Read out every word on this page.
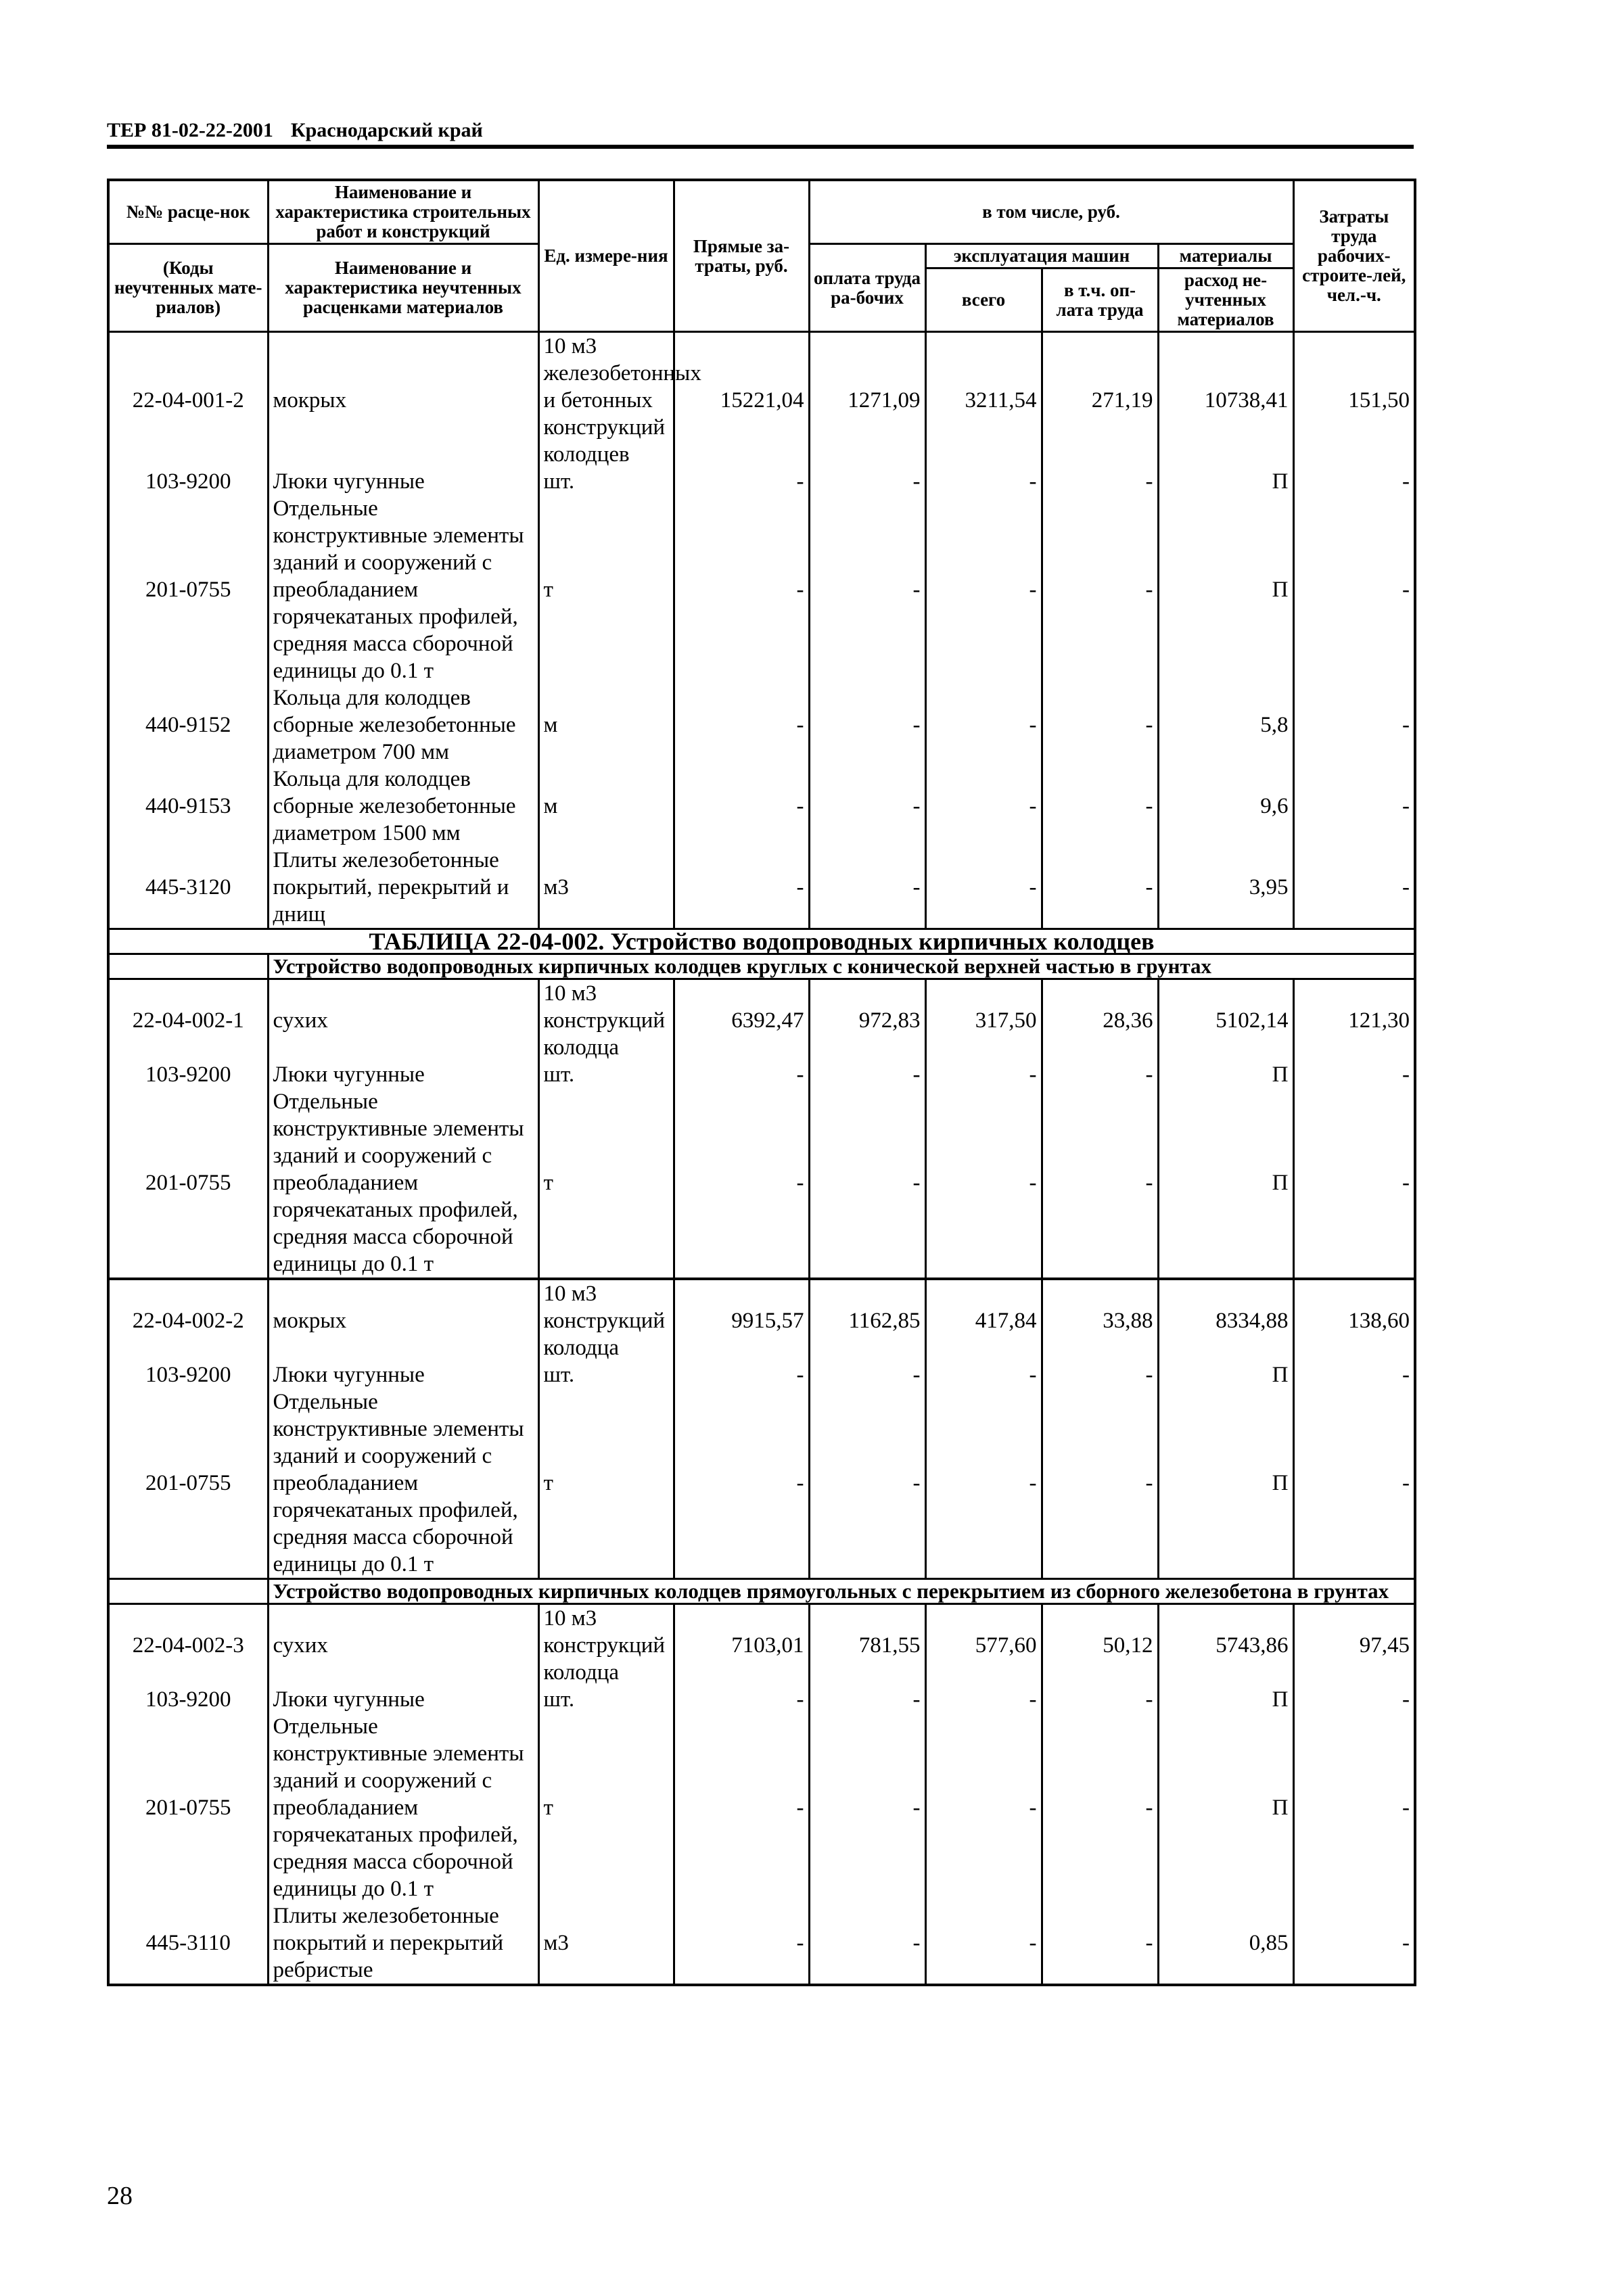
ТЕР 81-02-22-2001 Краснодарский край
№№ расце-нок	Наименование и характеристика строительных работ и конструкций	Ед. измере-ния	Прямые за-траты, руб.	в том числе, руб.				Затраты труда рабочих-строите-лей, чел.-ч.
(Коды неучтенных мате-риалов)	Наименование и характеристика неучтенных расценками материалов			оплата труда ра-бочих	эксплуатация машин		материалы	
					всего	в т.ч. оп-лата труда	расход не-учтенных материалов	

22-04-001-2	мокрых	10 м3 железобетонных и бетонных конструкций колодцев	15221,04	1271,09	3211,54	271,19	10738,41	151,50
103-9200	Люки чугунные	шт.	-	-	-	-	П	-
201-0755	Отдельные конструктивные элементы зданий и сооружений с преобладанием горячекатаных профилей, средняя масса сборочной единицы до 0.1 т	т	-	-	-	-	П	-
440-9152	Кольца для колодцев сборные железобетонные диаметром 700 мм	м	-	-	-	-	5,8	-
440-9153	Кольца для колодцев сборные железобетонные диаметром 1500 мм	м	-	-	-	-	9,6	-
445-3120	Плиты железобетонные покрытий, перекрытий и днищ	м3	-	-	-	-	3,95	-
ТАБЛИЦА 22-04-002. Устройство водопроводных кирпичных колодцев								
	Устройство водопроводных кирпичных колодцев круглых с конической верхней частью в грунтах							
22-04-002-1	сухих	10 м3 конструкций колодца	6392,47	972,83	317,50	28,36	5102,14	121,30
103-9200	Люки чугунные	шт.	-	-	-	-	П	-
201-0755	Отдельные конструктивные элементы зданий и сооружений с преобладанием горячекатаных профилей, средняя масса сборочной единицы до 0.1 т	т	-	-	-	-	П	-
22-04-002-2	мокрых	10 м3 конструкций колодца	9915,57	1162,85	417,84	33,88	8334,88	138,60
103-9200	Люки чугунные	шт.	-	-	-	-	П	-
201-0755	Отдельные конструктивные элементы зданий и сооружений с преобладанием горячекатаных профилей, средняя масса сборочной единицы до 0.1 т	т	-	-	-	-	П	-
	Устройство водопроводных кирпичных колодцев прямоугольных с перекрытием из сборного железобетона в грунтах							
22-04-002-3	сухих	10 м3 конструкций колодца	7103,01	781,55	577,60	50,12	5743,86	97,45
103-9200	Люки чугунные	шт.	-	-	-	-	П	-
201-0755	Отдельные конструктивные элементы зданий и сооружений с преобладанием горячекатаных профилей, средняя масса сборочной единицы до 0.1 т	т	-	-	-	-	П	-
445-3110	Плиты железобетонные покрытий и перекрытий ребристые	м3	-	-	-	-	0,85	-
28
